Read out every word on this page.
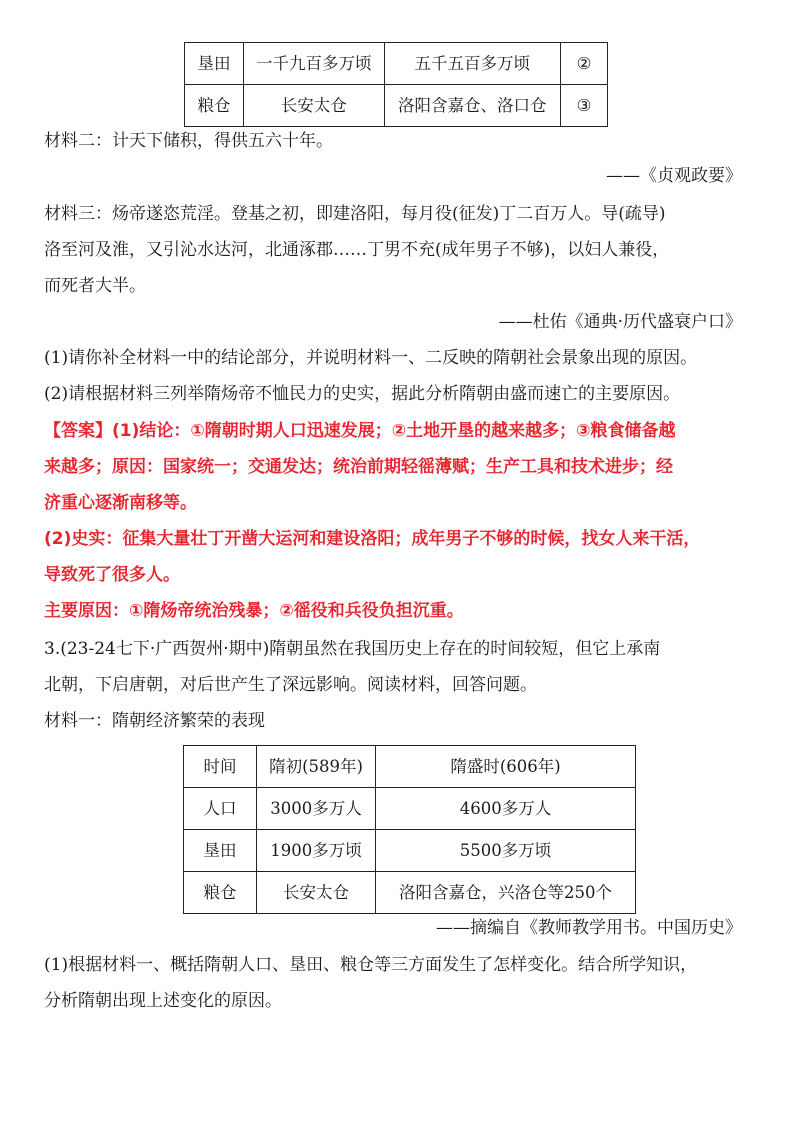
垦田	一千九百多万顷	五千五百多万顷	②
粮仓	长安太仓	洛阳含嘉仓、洛口仓	③
材料二：计天下储积，得供五六十年。
——《贞观政要》
材料三：炀帝遂恣荒淫。登基之初，即建洛阳，每月役(征发)丁二百万人。导(疏导)
洛至河及淮，又引沁水达河，北通涿郡……丁男不充(成年男子不够)，以妇人兼役，
而死者大半。
——杜佑《通典·历代盛衰户口》
(1)请你补全材料一中的结论部分，并说明材料一、二反映的隋朝社会景象出现的原因。
(2)请根据材料三列举隋炀帝不恤民力的史实，据此分析隋朝由盛而速亡的主要原因。
【答案】(1)结论：①隋朝时期人口迅速发展；②土地开垦的越来越多；③粮食储备越
来越多；原因：国家统一；交通发达；统治前期轻徭薄赋；生产工具和技术进步；经
济重心逐渐南移等。
(2)史实：征集大量壮丁开凿大运河和建设洛阳；成年男子不够的时候，找女人来干活，
导致死了很多人。
主要原因：①隋炀帝统治残暴；②徭役和兵役负担沉重。
3.(23-24七下·广西贺州·期中)隋朝虽然在我国历史上存在的时间较短，但它上承南
北朝，下启唐朝，对后世产生了深远影响。阅读材料，回答问题。
材料一：隋朝经济繁荣的表现
时间	隋初(589年)	隋盛时(606年)
人口	3000多万人	4600多万人
垦田	1900多万顷	5500多万顷
粮仓	长安太仓	洛阳含嘉仓，兴洛仓等250个
——摘编自《教师教学用书。中国历史》
(1)根据材料一、概括隋朝人口、垦田、粮仓等三方面发生了怎样变化。结合所学知识，
分析隋朝出现上述变化的原因。
